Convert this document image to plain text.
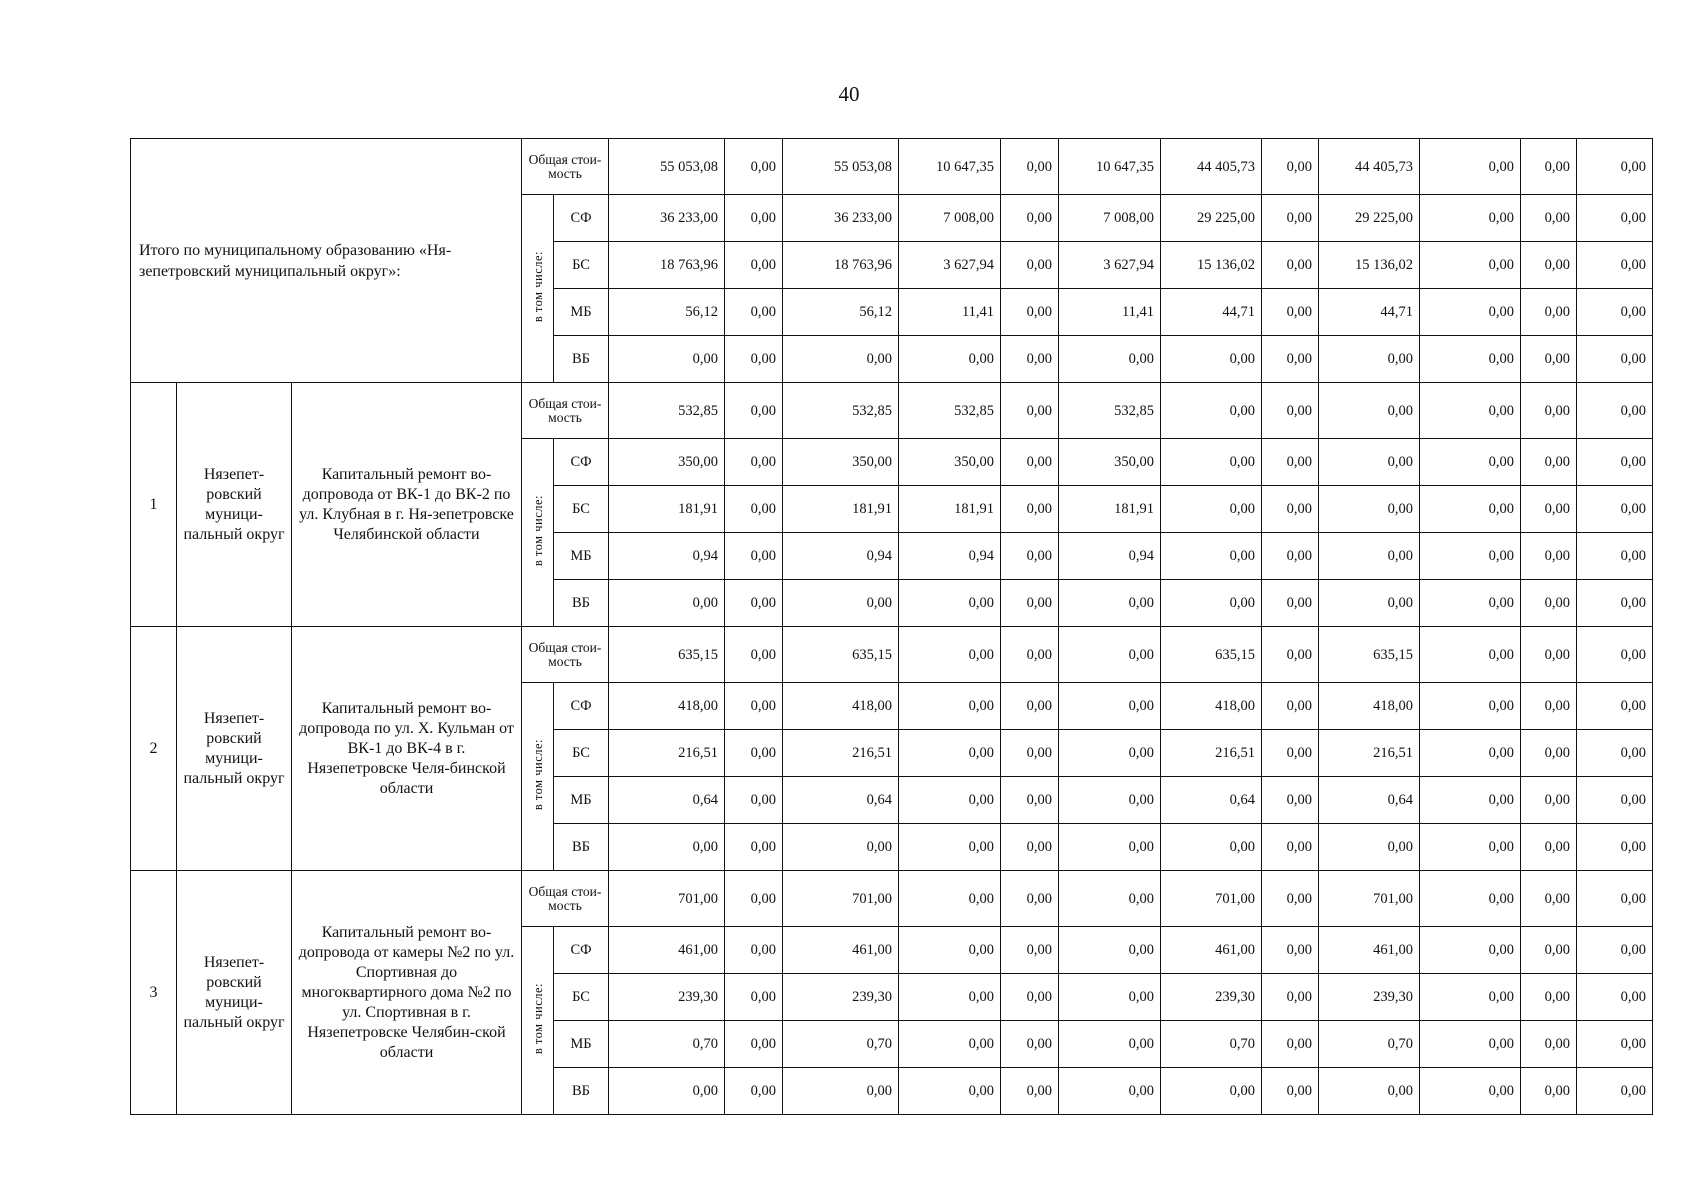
40
Итого по муниципальному образованию «Ня-зепетровский муниципальный округ»:			Общая стои-мость		55 053,08	0,00	55 053,08	10 647,35	0,00	10 647,35	44 405,73	0,00	44 405,73	0,00	0,00	0,00
			в том числе:	СФ	36 233,00	0,00	36 233,00	7 008,00	0,00	7 008,00	29 225,00	0,00	29 225,00	0,00	0,00	0,00
				БС	18 763,96	0,00	18 763,96	3 627,94	0,00	3 627,94	15 136,02	0,00	15 136,02	0,00	0,00	0,00
				МБ	56,12	0,00	56,12	11,41	0,00	11,41	44,71	0,00	44,71	0,00	0,00	0,00
				ВБ	0,00	0,00	0,00	0,00	0,00	0,00	0,00	0,00	0,00	0,00	0,00	0,00
1	Нязепет-ровский муници-пальный округ	Капитальный ремонт во-допровода от ВК-1 до ВК-2 по ул. Клубная в г. Ня-зепетровске Челябинской области	Общая стои-мость		532,85	0,00	532,85	532,85	0,00	532,85	0,00	0,00	0,00	0,00	0,00	0,00
			в том числе:	СФ	350,00	0,00	350,00	350,00	0,00	350,00	0,00	0,00	0,00	0,00	0,00	0,00
				БС	181,91	0,00	181,91	181,91	0,00	181,91	0,00	0,00	0,00	0,00	0,00	0,00
				МБ	0,94	0,00	0,94	0,94	0,00	0,94	0,00	0,00	0,00	0,00	0,00	0,00
				ВБ	0,00	0,00	0,00	0,00	0,00	0,00	0,00	0,00	0,00	0,00	0,00	0,00
2	Нязепет-ровский муници-пальный округ	Капитальный ремонт во-допровода по ул. Х. Кульман от ВК-1 до ВК-4 в г. Нязепетровске Челя-бинской области	Общая стои-мость		635,15	0,00	635,15	0,00	0,00	0,00	635,15	0,00	635,15	0,00	0,00	0,00
			в том числе:	СФ	418,00	0,00	418,00	0,00	0,00	0,00	418,00	0,00	418,00	0,00	0,00	0,00
				БС	216,51	0,00	216,51	0,00	0,00	0,00	216,51	0,00	216,51	0,00	0,00	0,00
				МБ	0,64	0,00	0,64	0,00	0,00	0,00	0,64	0,00	0,64	0,00	0,00	0,00
				ВБ	0,00	0,00	0,00	0,00	0,00	0,00	0,00	0,00	0,00	0,00	0,00	0,00
3	Нязепет-ровский муници-пальный округ	Капитальный ремонт во-допровода от камеры №2 по ул. Спортивная до многоквартирного дома №2 по ул. Спортивная в г. Нязепетровске Челябин-ской области	Общая стои-мость		701,00	0,00	701,00	0,00	0,00	0,00	701,00	0,00	701,00	0,00	0,00	0,00
			в том числе:	СФ	461,00	0,00	461,00	0,00	0,00	0,00	461,00	0,00	461,00	0,00	0,00	0,00
				БС	239,30	0,00	239,30	0,00	0,00	0,00	239,30	0,00	239,30	0,00	0,00	0,00
				МБ	0,70	0,00	0,70	0,00	0,00	0,00	0,70	0,00	0,70	0,00	0,00	0,00
				ВБ	0,00	0,00	0,00	0,00	0,00	0,00	0,00	0,00	0,00	0,00	0,00	0,00
